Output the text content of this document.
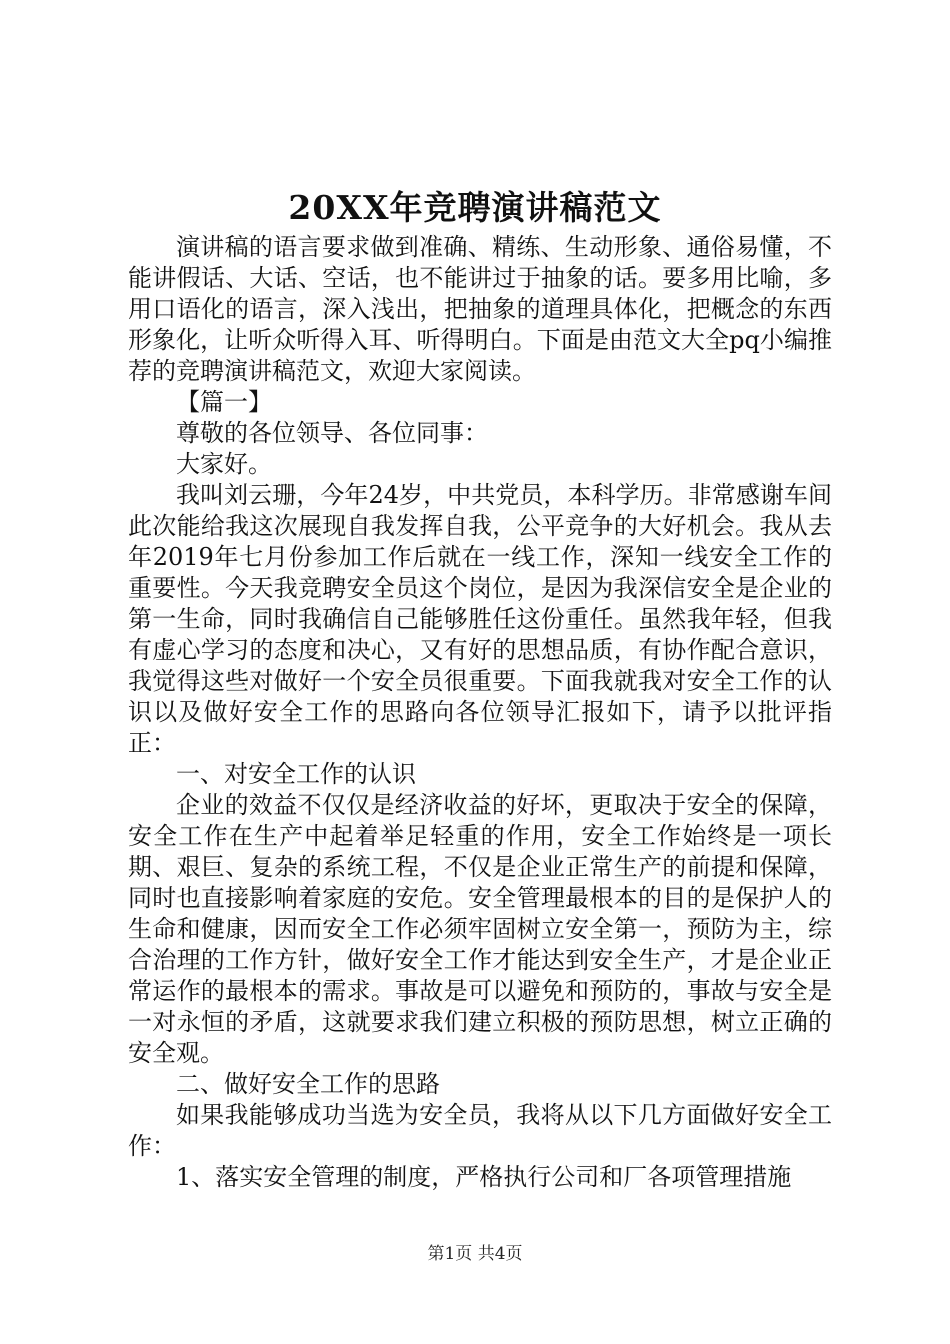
20XX年竞聘演讲稿范文

演讲稿的语言要求做到准确、精练、生动形象、通俗易懂，不能讲假话、大话、空话，也不能讲过于抽象的话。要多用比喻，多用口语化的语言，深入浅出，把抽象的道理具体化，把概念的东西形象化，让听众听得入耳、听得明白。下面是由范文大全pq小编推荐的竞聘演讲稿范文，欢迎大家阅读。

【篇一】

尊敬的各位领导、各位同事：

大家好。

我叫刘云珊，今年24岁，中共党员，本科学历。非常感谢车间此次能给我这次展现自我发挥自我，公平竞争的大好机会。我从去年2019年七月份参加工作后就在一线工作，深知一线安全工作的重要性。今天我竞聘安全员这个岗位，是因为我深信安全是企业的第一生命，同时我确信自己能够胜任这份重任。虽然我年轻，但我有虚心学习的态度和决心，又有好的思想品质，有协作配合意识，我觉得这些对做好一个安全员很重要。下面我就我对安全工作的认识以及做好安全工作的思路向各位领导汇报如下，请予以批评指正：

一、对安全工作的认识

企业的效益不仅仅是经济收益的好坏，更取决于安全的保障，安全工作在生产中起着举足轻重的作用，安全工作始终是一项长期、艰巨、复杂的系统工程，不仅是企业正常生产的前提和保障，同时也直接影响着家庭的安危。安全管理最根本的目的是保护人的生命和健康，因而安全工作必须牢固树立安全第一，预防为主，综合治理的工作方针，做好安全工作才能达到安全生产，才是企业正常运作的最根本的需求。事故是可以避免和预防的，事故与安全是一对永恒的矛盾，这就要求我们建立积极的预防思想，树立正确的安全观。

二、做好安全工作的思路

如果我能够成功当选为安全员，我将从以下几方面做好安全工作：

1、落实安全管理的制度，严格执行公司和厂各项管理措施

第1页 共4页
